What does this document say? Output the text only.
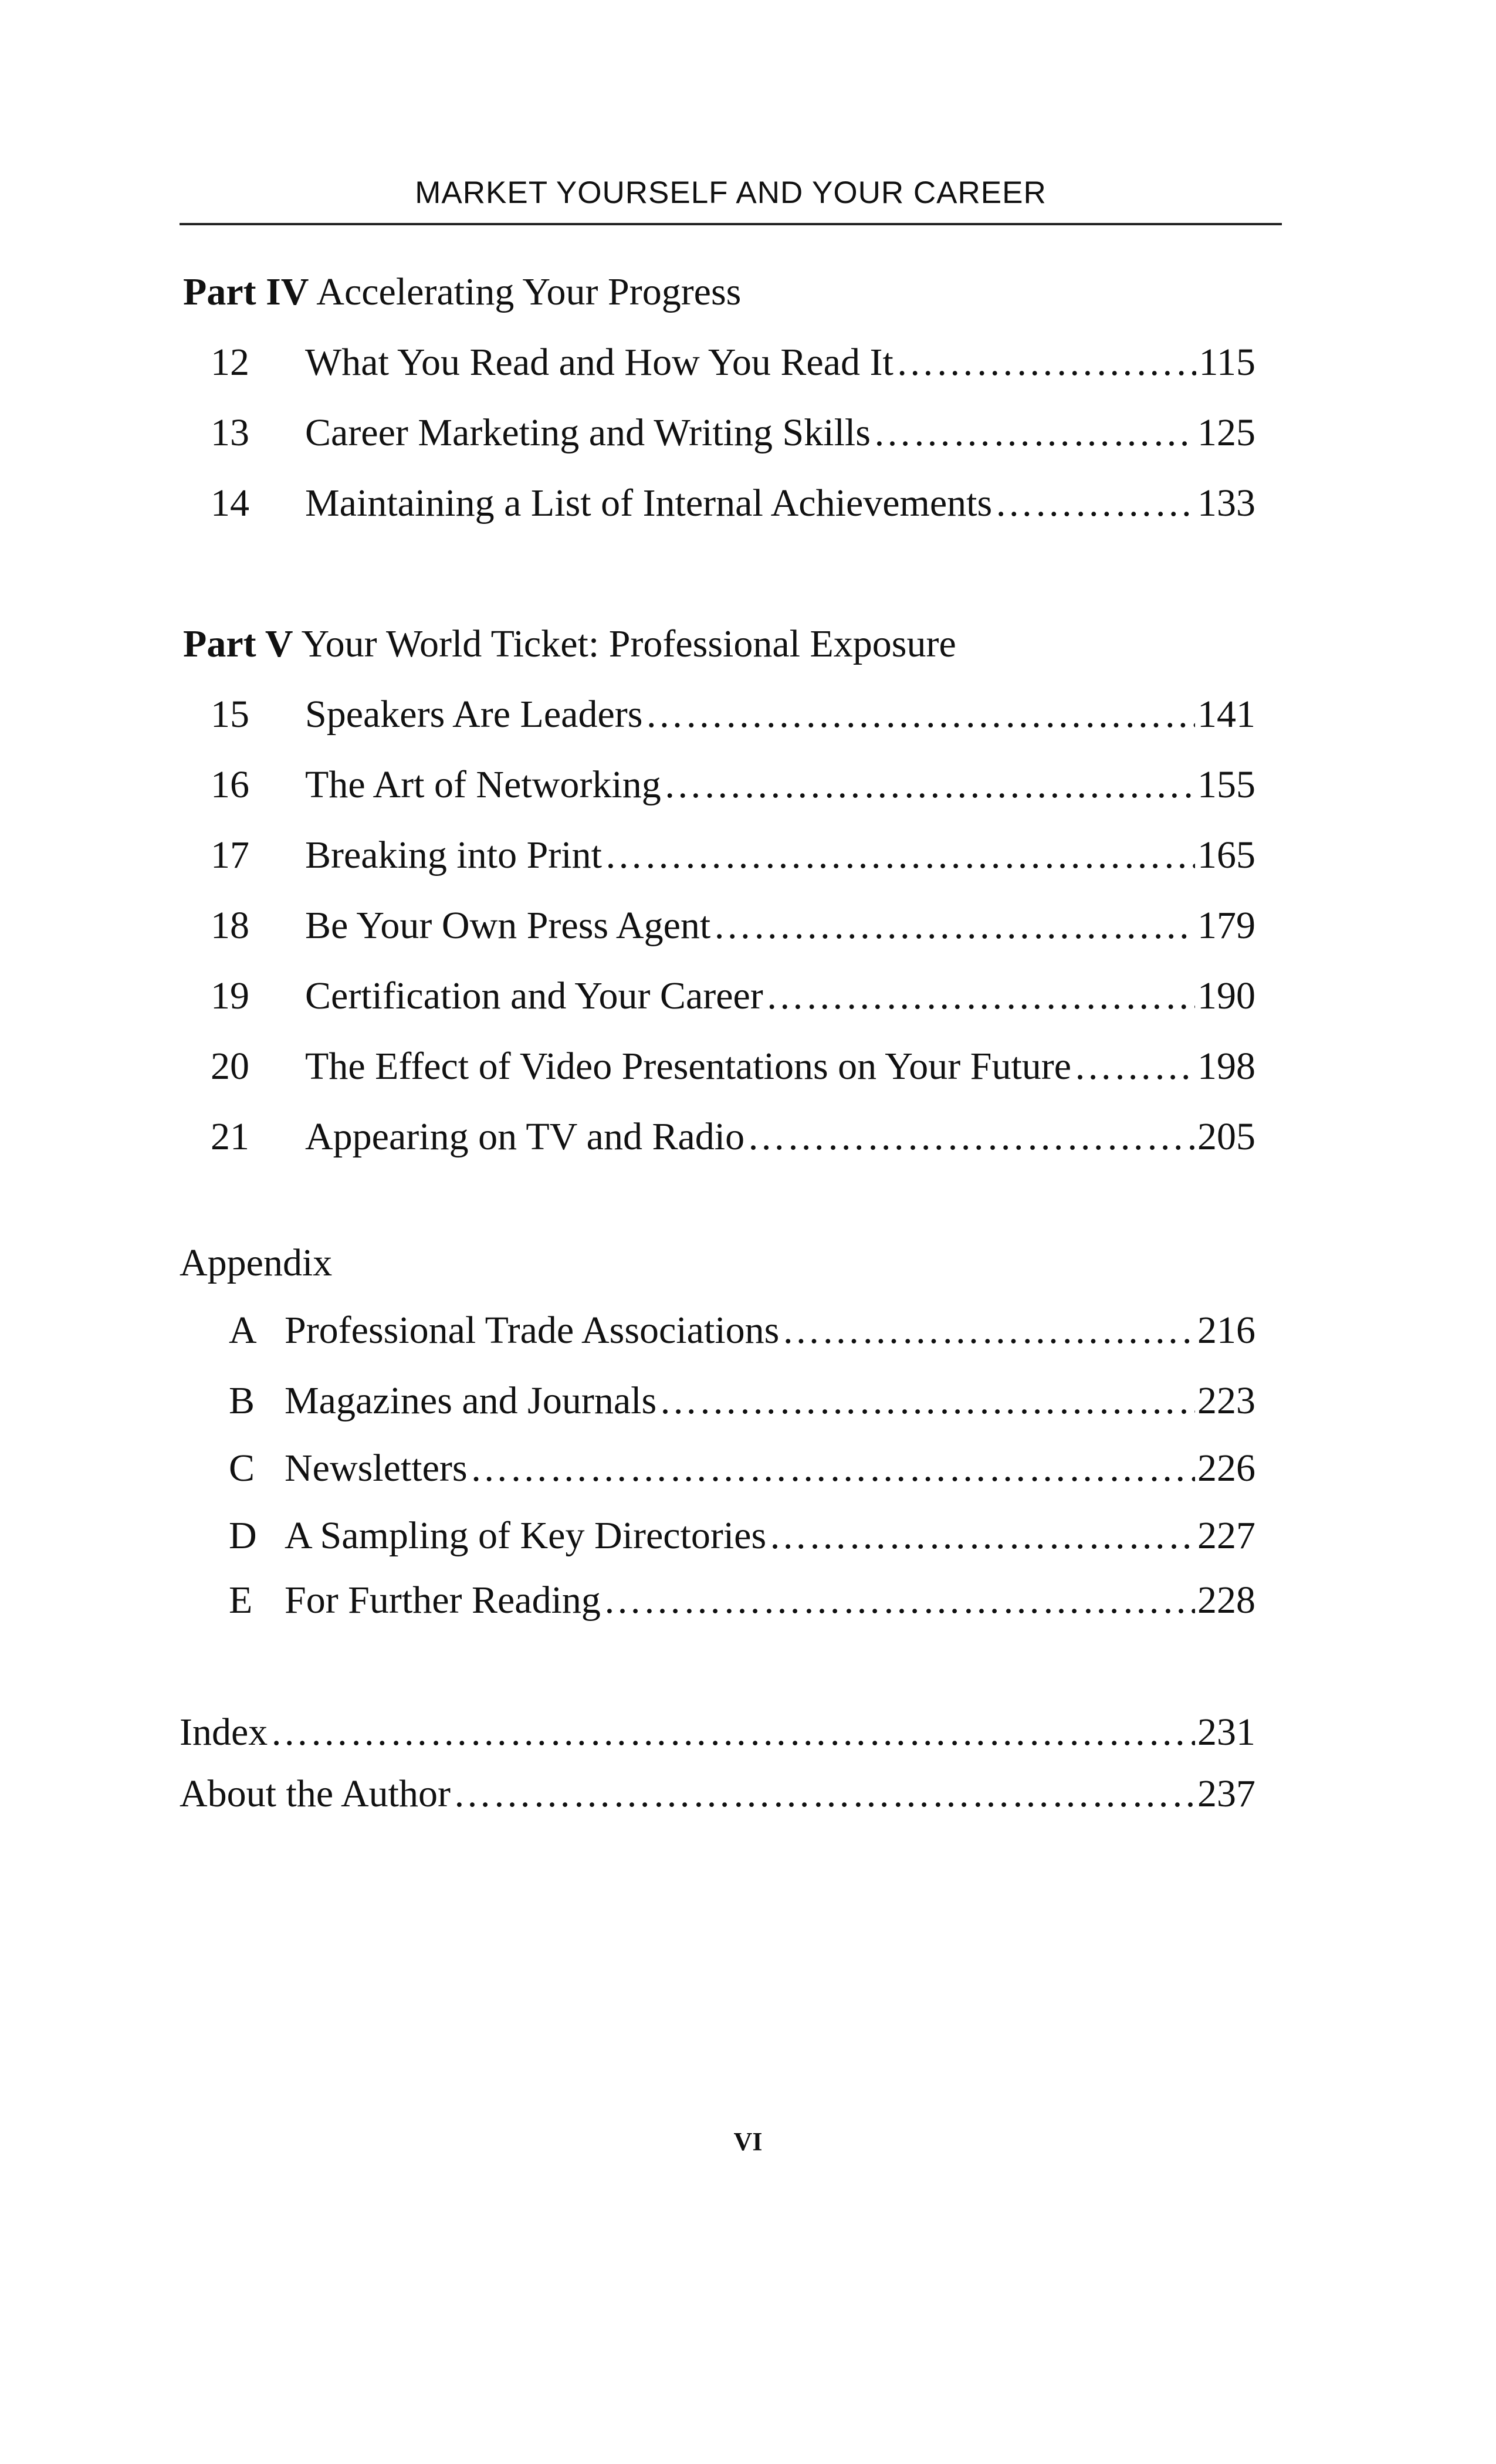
MARKET YOURSELF AND YOUR CAREER
Part IV Accelerating Your Progress
12 What You Read and How You Read It …………………………………………………………………………………………………………………………………………………………………………………	115
13 Career Marketing and Writing Skills …………………………………………………………………………………………………………………………………………………………………………………	125
14 Maintaining a List of Internal Achievements …………………………………………………………………………………………………………………………………………………………………………………	133
Part V Your World Ticket: Professional Exposure
15 Speakers Are Leaders …………………………………………………………………………………………………………………………………………………………………………………	141
16 The Art of Networking …………………………………………………………………………………………………………………………………………………………………………………	155
17 Breaking into Print …………………………………………………………………………………………………………………………………………………………………………………	165
18 Be Your Own Press Agent …………………………………………………………………………………………………………………………………………………………………………………	179
19 Certification and Your Career …………………………………………………………………………………………………………………………………………………………………………………	190
20 The Effect of Video Presentations on Your Future …………………………………………………………………………………………………………………………………………………………………………………	198
21 Appearing on TV and Radio …………………………………………………………………………………………………………………………………………………………………………………	205
Appendix
A Professional Trade Associations …………………………………………………………………………………………………………………………………………………………………………………	216
B Magazines and Journals …………………………………………………………………………………………………………………………………………………………………………………	223
C Newsletters …………………………………………………………………………………………………………………………………………………………………………………	226
D A Sampling of Key Directories …………………………………………………………………………………………………………………………………………………………………………………	227
E For Further Reading …………………………………………………………………………………………………………………………………………………………………………………	228
Index …………………………………………………………………………………………………………………………………………………………………………………	231
About the Author …………………………………………………………………………………………………………………………………………………………………………………	237
VI
